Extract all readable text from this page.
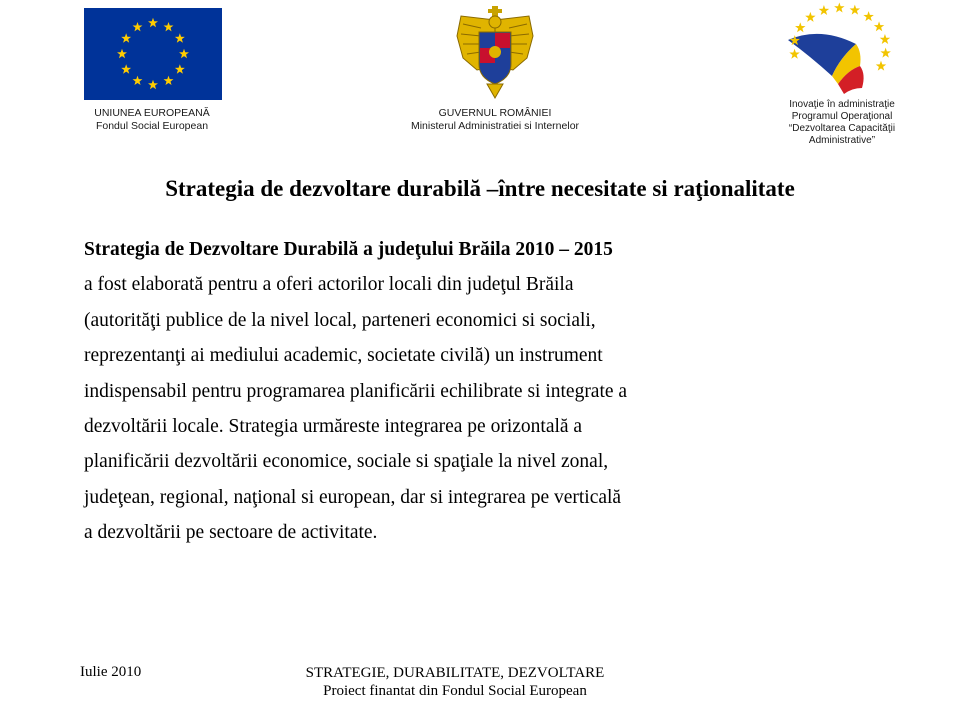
UNIUNEA EUROPEANĂ
Fondul Social European
GUVERNUL ROMÂNIEI
Ministerul Administratiei si Internelor
Inovaţie în administraţie
Programul Operaţional
“Dezvoltarea Capacităţii
Administrative”
Strategia de dezvoltare durabilă –între necesitate si raţionalitate
Strategia de Dezvoltare Durabilă a judeţului Brăila 2010 – 2015
a fost elaborată pentru a oferi actorilor locali din judeţul Brăila
(autorităţi publice de la nivel local, parteneri economici si sociali,
reprezentanţi ai mediului academic, societate civilă) un instrument
indispensabil pentru programarea planificării echilibrate si integrate a
dezvoltării locale. Strategia urmăreste integrarea pe orizontală a
planificării dezvoltării economice, sociale si spaţiale la nivel zonal,
judeţean, regional, naţional si european, dar si integrarea pe verticală
a dezvoltării pe sectoare de activitate.
Iulie 2010	STRATEGIE, DURABILITATE, DEZVOLTARE
Proiect finantat din Fondul Social European
